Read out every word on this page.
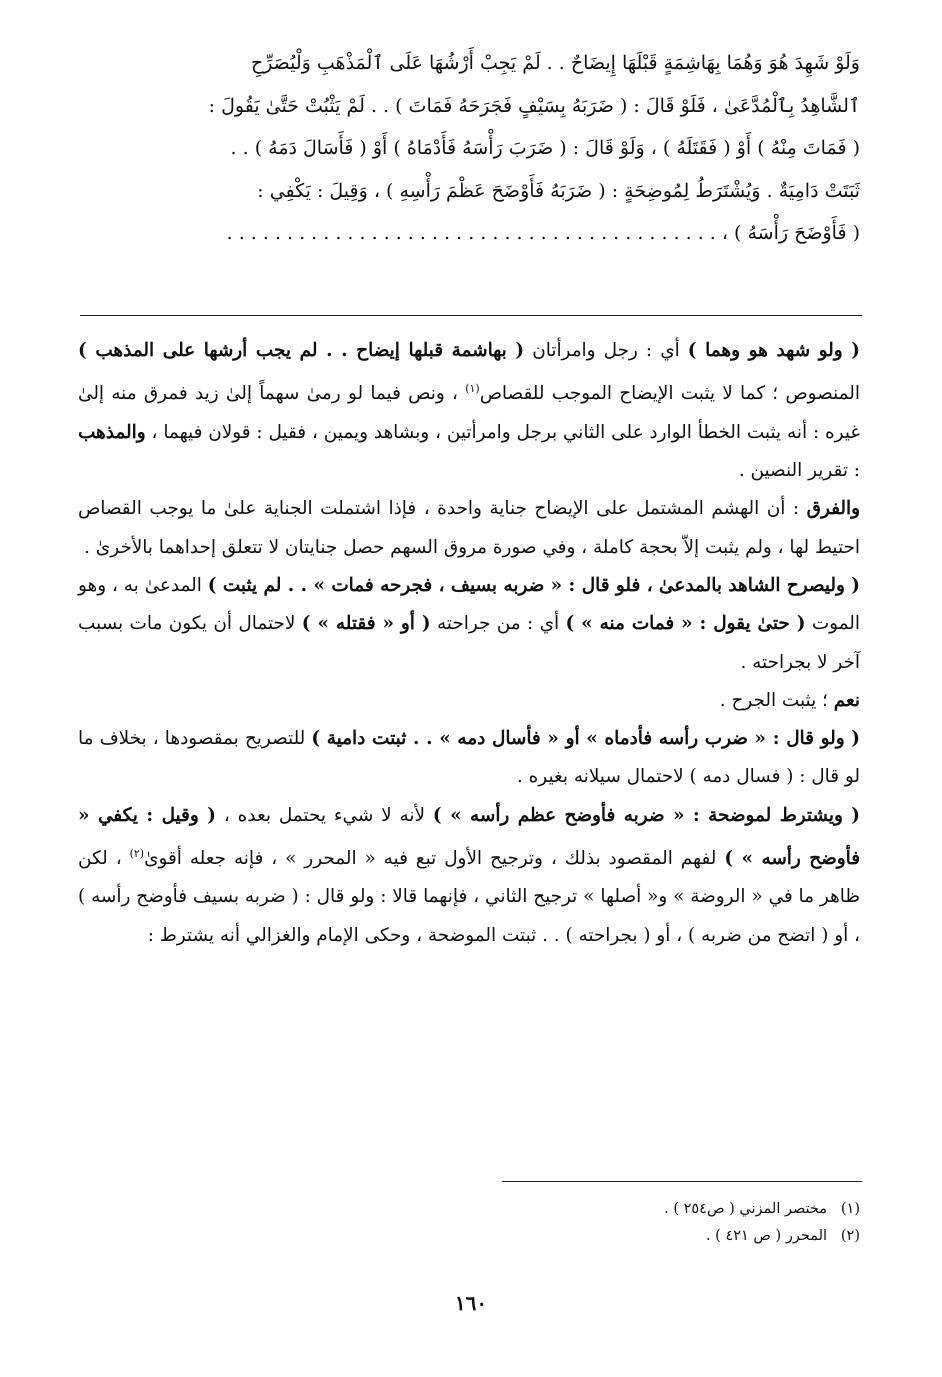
وَلَوْ شَهِدَ هُوَ وَهُمَا بِهَاشِمَةٍ قَبْلَهَا إِيضَاحٌ . . لَمْ يَجِبْ أَرْشُهَا عَلَى ٱلْمَذْهَبِ وَلْيُصَرِّحِ

ٱلشَّاهِدُ بِٱلْمُدَّعَىٰ ، فَلَوْ قَالَ : ( ضَرَبَهُ بِسَيْفٍ فَجَرَحَهُ فَمَاتَ ) . . لَمْ يَثْبُتْ حَتَّىٰ يَقُولَ :

( فَمَاتَ مِنْهُ ) أَوْ ( فَقَتَلَهُ ) ، وَلَوْ قَالَ : ( ضَرَبَ رَأْسَهُ فَأَدْمَاهُ ) أَوْ ( فَأَسَالَ دَمَهُ ) . .

ثَبَتَتْ دَامِيَةٌ . وَيُشْتَرَطُ لِمُوضِحَةٍ : ( ضَرَبَهُ فَأَوْضَحَ عَظْمَ رَأْسِهِ ) ، وَقِيلَ : يَكْفِي :

( فَأَوْضَحَ رَأْسَهُ ) ، . . . . . . . . . . . . . . . . . . . . . . . . . . . . . . . . . . . . . . . . .

( ولو شهد هو وهما ) أي : رجل وامرأتان ( بهاشمة قبلها إيضاح . . لم يجب أرشها على المذهب ) المنصوص ؛ كما لا يثبت الإيضاح الموجب للقصاص$^{(١)}$ ، ونص فيما لو رمىٰ سهماً إلىٰ زيد فمرق منه إلىٰ غيره : أنه يثبت الخطأ الوارد على الثاني برجل وامرأتين ، وبشاهد ويمين ، فقيل : قولان فيهما ، والمذهب : تقرير النصين .

والفرق : أن الهشم المشتمل على الإيضاح جناية واحدة ، فإذا اشتملت الجناية علىٰ ما يوجب القصاص احتيط لها ، ولم يثبت إلاّ بحجة كاملة ، وفي صورة مروق السهم حصل جنايتان لا تتعلق إحداهما بالأخرىٰ .

( وليصرح الشاهد بالمدعىٰ ، فلو قال : « ضربه بسيف ، فجرحه فمات » . . لم يثبت ) المدعىٰ به ، وهو الموت ( حتىٰ يقول : « فمات منه » ) أي : من جراحته ( أو « فقتله » ) لاحتمال أن يكون مات بسبب آخر لا بجراحته .

نعم ؛ يثبت الجرح .

( ولو قال : « ضرب رأسه فأدماه » أو « فأسال دمه » . . ثبتت دامية ) للتصريح بمقصودها ، بخلاف ما لو قال : ( فسال دمه ) لاحتمال سيلانه بغيره .

( ويشترط لموضحة : « ضربه فأوضح عظم رأسه » ) لأنه لا شيء يحتمل بعده ، ( وقيل : يكفي « فأوضح رأسه » ) لفهم المقصود بذلك ، وترجيح الأول تبع فيه « المحرر » ، فإنه جعله أقوىٰ$^{(٢)}$ ، لكن ظاهر ما في « الروضة » و« أصلها » ترجيح الثاني ، فإنهما قالا : ولو قال : ( ضربه بسيف فأوضح رأسه ) ، أو ( اتضح من ضربه ) ، أو ( بجراحته ) . . ثبتت الموضحة ، وحكى الإمام والغزالي أنه يشترط :

(١)   مختصر المزني ( ص٢٥٤ ) .
(٢)   المحرر ( ص ٤٢١ ) .
١٦٠
